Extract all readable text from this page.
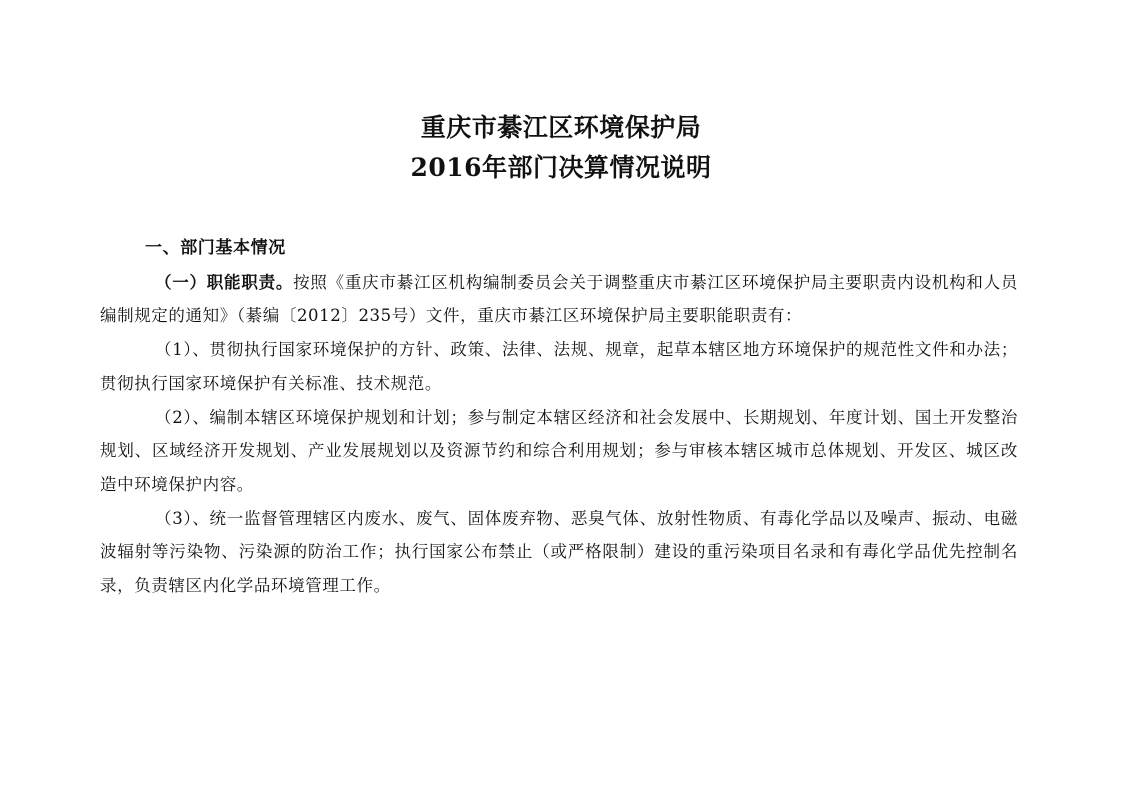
重庆市綦江区环境保护局
2016年部门决算情况说明

一、部门基本情况

（一）职能职责。按照《重庆市綦江区机构编制委员会关于调整重庆市綦江区环境保护局主要职责内设机构和人员编制规定的通知》（綦编〔2012〕235号）文件，重庆市綦江区环境保护局主要职能职责有：

（1）、贯彻执行国家环境保护的方针、政策、法律、法规、规章，起草本辖区地方环境保护的规范性文件和办法；贯彻执行国家环境保护有关标准、技术规范。

（2）、编制本辖区环境保护规划和计划；参与制定本辖区经济和社会发展中、长期规划、年度计划、国土开发整治规划、区域经济开发规划、产业发展规划以及资源节约和综合利用规划；参与审核本辖区城市总体规划、开发区、城区改造中环境保护内容。

（3）、统一监督管理辖区内废水、废气、固体废弃物、恶臭气体、放射性物质、有毒化学品以及噪声、振动、电磁波辐射等污染物、污染源的防治工作；执行国家公布禁止（或严格限制）建设的重污染项目名录和有毒化学品优先控制名录，负责辖区内化学品环境管理工作。
